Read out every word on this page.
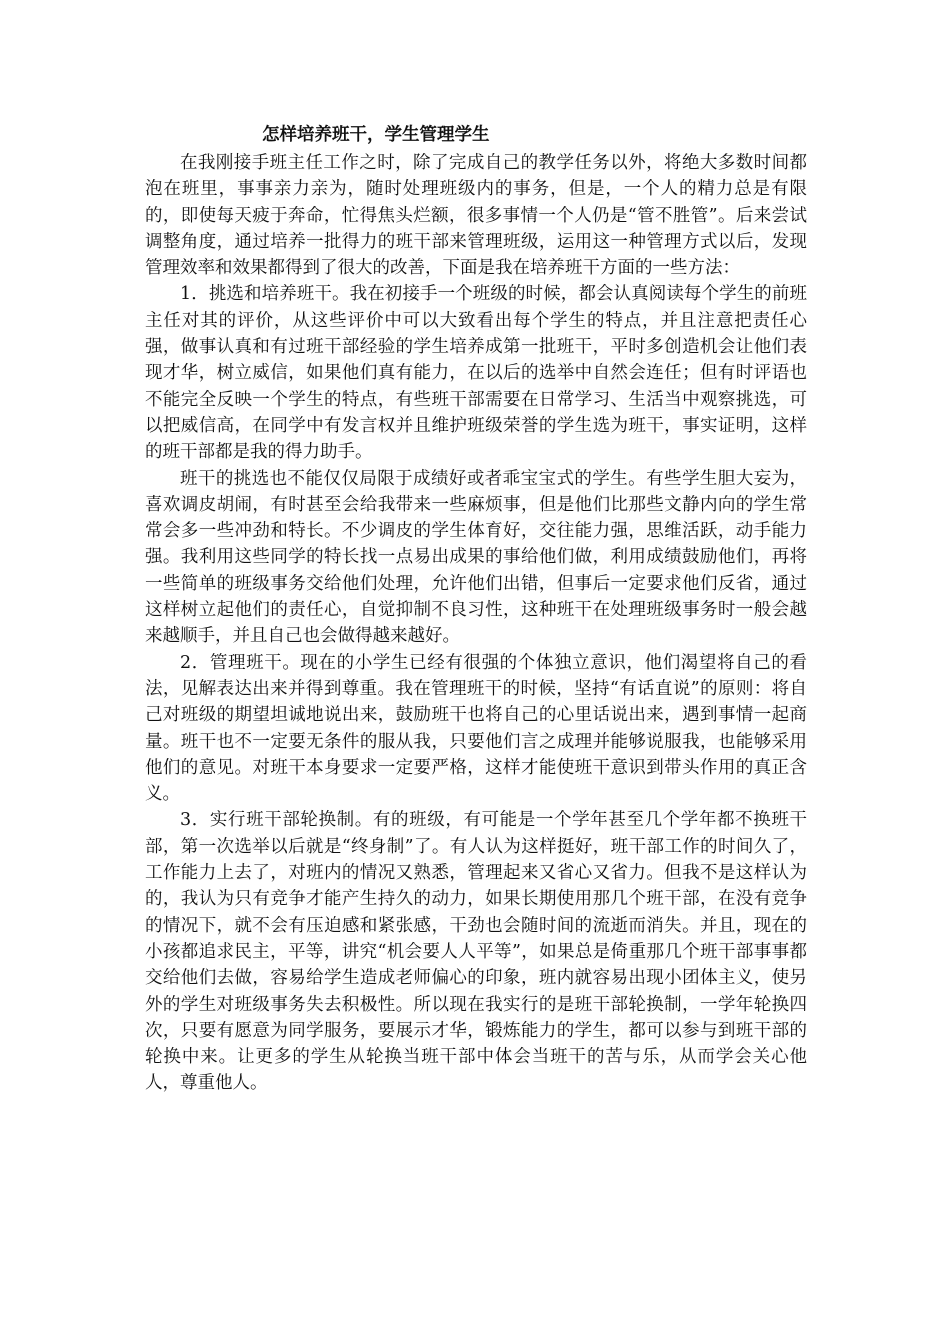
怎样培养班干，学生管理学生

在我刚接手班主任工作之时，除了完成自己的教学任务以外，将绝大多数时间都泡在班里，事事亲力亲为，随时处理班级内的事务，但是，一个人的精力总是有限的，即使每天疲于奔命，忙得焦头烂额，很多事情一个人仍是“管不胜管”。后来尝试调整角度，通过培养一批得力的班干部来管理班级，运用这一种管理方式以后，发现管理效率和效果都得到了很大的改善，下面是我在培养班干方面的一些方法：

1．挑选和培养班干。我在初接手一个班级的时候，都会认真阅读每个学生的前班主任对其的评价，从这些评价中可以大致看出每个学生的特点，并且注意把责任心强，做事认真和有过班干部经验的学生培养成第一批班干，平时多创造机会让他们表现才华，树立威信，如果他们真有能力，在以后的选举中自然会连任；但有时评语也不能完全反映一个学生的特点，有些班干部需要在日常学习、生活当中观察挑选，可以把威信高，在同学中有发言权并且维护班级荣誉的学生选为班干，事实证明，这样的班干部都是我的得力助手。

班干的挑选也不能仅仅局限于成绩好或者乖宝宝式的学生。有些学生胆大妄为，喜欢调皮胡闹，有时甚至会给我带来一些麻烦事，但是他们比那些文静内向的学生常常会多一些冲劲和特长。不少调皮的学生体育好，交往能力强，思维活跃，动手能力强。我利用这些同学的特长找一点易出成果的事给他们做，利用成绩鼓励他们，再将一些简单的班级事务交给他们处理，允许他们出错，但事后一定要求他们反省，通过这样树立起他们的责任心，自觉抑制不良习性，这种班干在处理班级事务时一般会越来越顺手，并且自己也会做得越来越好。

2．管理班干。现在的小学生已经有很强的个体独立意识，他们渴望将自己的看法，见解表达出来并得到尊重。我在管理班干的时候，坚持“有话直说”的原则：将自己对班级的期望坦诚地说出来，鼓励班干也将自己的心里话说出来，遇到事情一起商量。班干也不一定要无条件的服从我，只要他们言之成理并能够说服我，也能够采用他们的意见。对班干本身要求一定要严格，这样才能使班干意识到带头作用的真正含义。

3．实行班干部轮换制。有的班级，有可能是一个学年甚至几个学年都不换班干部，第一次选举以后就是“终身制”了。有人认为这样挺好，班干部工作的时间久了，工作能力上去了，对班内的情况又熟悉，管理起来又省心又省力。但我不是这样认为的，我认为只有竞争才能产生持久的动力，如果长期使用那几个班干部，在没有竞争的情况下，就不会有压迫感和紧张感，干劲也会随时间的流逝而消失。并且，现在的小孩都追求民主，平等，讲究“机会要人人平等”，如果总是倚重那几个班干部事事都交给他们去做，容易给学生造成老师偏心的印象，班内就容易出现小团体主义，使另外的学生对班级事务失去积极性。所以现在我实行的是班干部轮换制，一学年轮换四次，只要有愿意为同学服务，要展示才华，锻炼能力的学生，都可以参与到班干部的轮换中来。让更多的学生从轮换当班干部中体会当班干的苦与乐，从而学会关心他人，尊重他人。
